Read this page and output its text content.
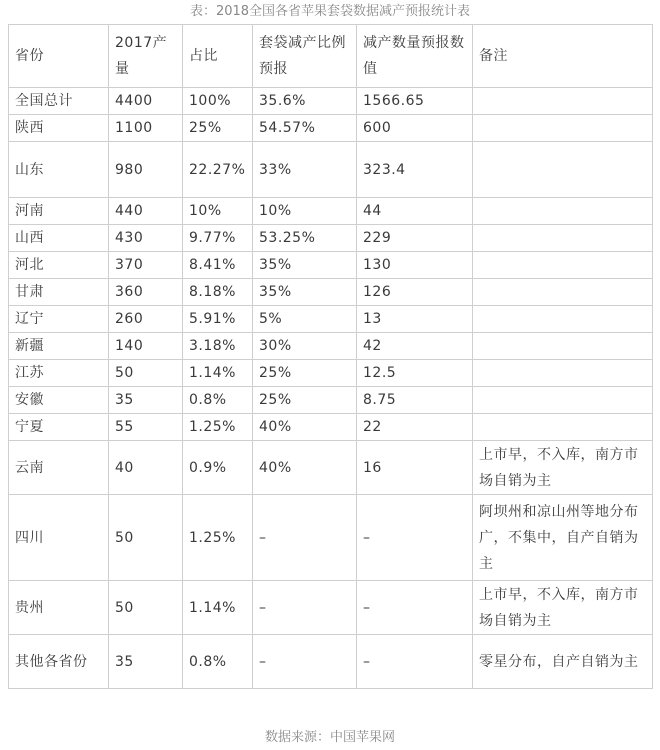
表：2018全国各省苹果套袋数据减产预报统计表
省份	2017产量	占比	套袋减产比例预报	减产数量预报数值	备注
全国总计	4400	100%	35.6%	1566.65	
陕西	1100	25%	54.57%	600	
山东	980	22.27%	33%	323.4	
河南	440	10%	10%	44	
山西	430	9.77%	53.25%	229	
河北	370	8.41%	35%	130	
甘肃	360	8.18%	35%	126	
辽宁	260	5.91%	5%	13	
新疆	140	3.18%	30%	42	
江苏	50	1.14%	25%	12.5	
安徽	35	0.8%	25%	8.75	
宁夏	55	1.25%	40%	22	
云南	40	0.9%	40%	16	上市早，不入库，南方市场自销为主
四川	50	1.25%	–	–	阿坝州和凉山州等地分布广，不集中，自产自销为主
贵州	50	1.14%	–	–	上市早，不入库，南方市场自销为主
其他各省份	35	0.8%	–	–	零星分布，自产自销为主
数据来源：中国苹果网
